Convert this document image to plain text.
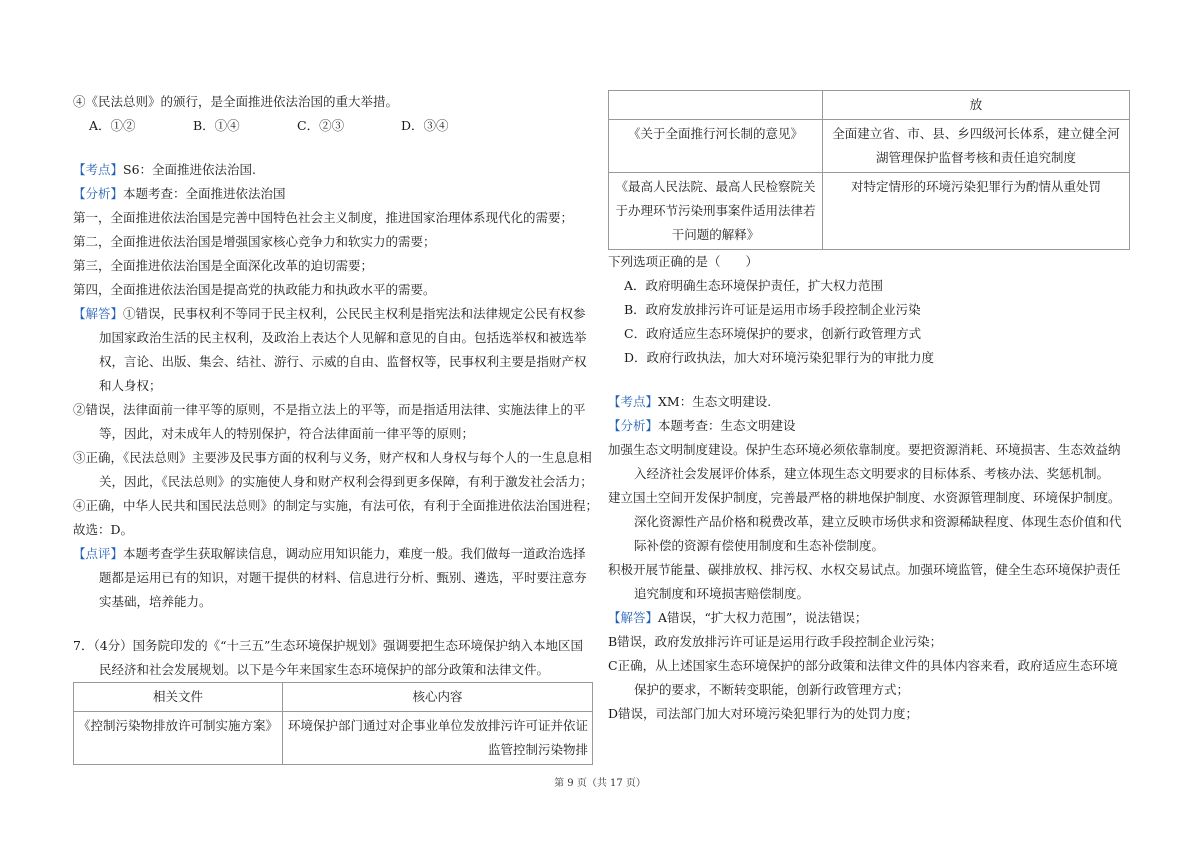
④《民法总则》的颁行，是全面推进依法治国的重大举措。
A．①②	B．①④	C．②③	D．③④
【考点】S6：全面推进依法治国.
【分析】本题考查：全面推进依法治国
第一，全面推进依法治国是完善中国特色社会主义制度，推进国家治理体系现代化的需要；
第二，全面推进依法治国是增强国家核心竞争力和软实力的需要；
第三，全面推进依法治国是全面深化改革的迫切需要；
第四，全面推进依法治国是提高党的执政能力和执政水平的需要。
【解答】①错误，民事权利不等同于民主权利，公民民主权利是指宪法和法律规定公民有权参加国家政治生活的民主权利，及政治上表达个人见解和意见的自由。包括选举权和被选举权，言论、出版、集会、结社、游行、示威的自由、监督权等，民事权利主要是指财产权和人身权；
②错误，法律面前一律平等的原则，不是指立法上的平等，而是指适用法律、实施法律上的平等，因此，对未成年人的特别保护，符合法律面前一律平等的原则；
③正确，《民法总则》主要涉及民事方面的权利与义务，财产权和人身权与每个人的一生息息相关，因此，《民法总则》的实施使人身和财产权利会得到更多保障，有利于激发社会活力；
④正确，中华人民共和国民法总则》的制定与实施，有法可依，有利于全面推进依法治国进程；
故选：D。
【点评】本题考查学生获取解读信息，调动应用知识能力，难度一般。我们做每一道政治选择题都是运用已有的知识，对题干提供的材料、信息进行分析、甄别、遴选，平时要注意夯实基础，培养能力。
7．（4分）国务院印发的《“十三五”生态环境保护规划》强调要把生态环境保护纳入本地区国民经济和社会发展规划。以下是今年来国家生态环境保护的部分政策和法律文件。
相关文件	核心内容
《控制污染物排放许可制实施方案》	环境保护部门通过对企事业单位发放排污许可证并依证监管控制污染物排
	放
《关于全面推行河长制的意见》	全面建立省、市、县、乡四级河长体系，建立健全河湖管理保护监督考核和责任追究制度
《最高人民法院、最高人民检察院关于办理环节污染刑事案件适用法律若干问题的解释》	对特定情形的环境污染犯罪行为酌情从重处罚
下列选项正确的是（　　）
A．政府明确生态环境保护责任，扩大权力范围
B．政府发放排污许可证是运用市场手段控制企业污染
C．政府适应生态环境保护的要求，创新行政管理方式
D．政府行政执法，加大对环境污染犯罪行为的审批力度
【考点】XM：生态文明建设.
【分析】本题考查：生态文明建设
加强生态文明制度建设。保护生态环境必须依靠制度。要把资源消耗、环境损害、生态效益纳入经济社会发展评价体系，建立体现生态文明要求的目标体系、考核办法、奖惩机制。
建立国土空间开发保护制度，完善最严格的耕地保护制度、水资源管理制度、环境保护制度。深化资源性产品价格和税费改革，建立反映市场供求和资源稀缺程度、体现生态价值和代际补偿的资源有偿使用制度和生态补偿制度。
积极开展节能量、碳排放权、排污权、水权交易试点。加强环境监管，健全生态环境保护责任追究制度和环境损害赔偿制度。
【解答】A错误，“扩大权力范围”，说法错误；
B错误，政府发放排污许可证是运用行政手段控制企业污染；
C正确，从上述国家生态环境保护的部分政策和法律文件的具体内容来看，政府适应生态环境保护的要求，不断转变职能，创新行政管理方式；
D错误，司法部门加大对环境污染犯罪行为的处罚力度；
第 9 页（共 17 页）
